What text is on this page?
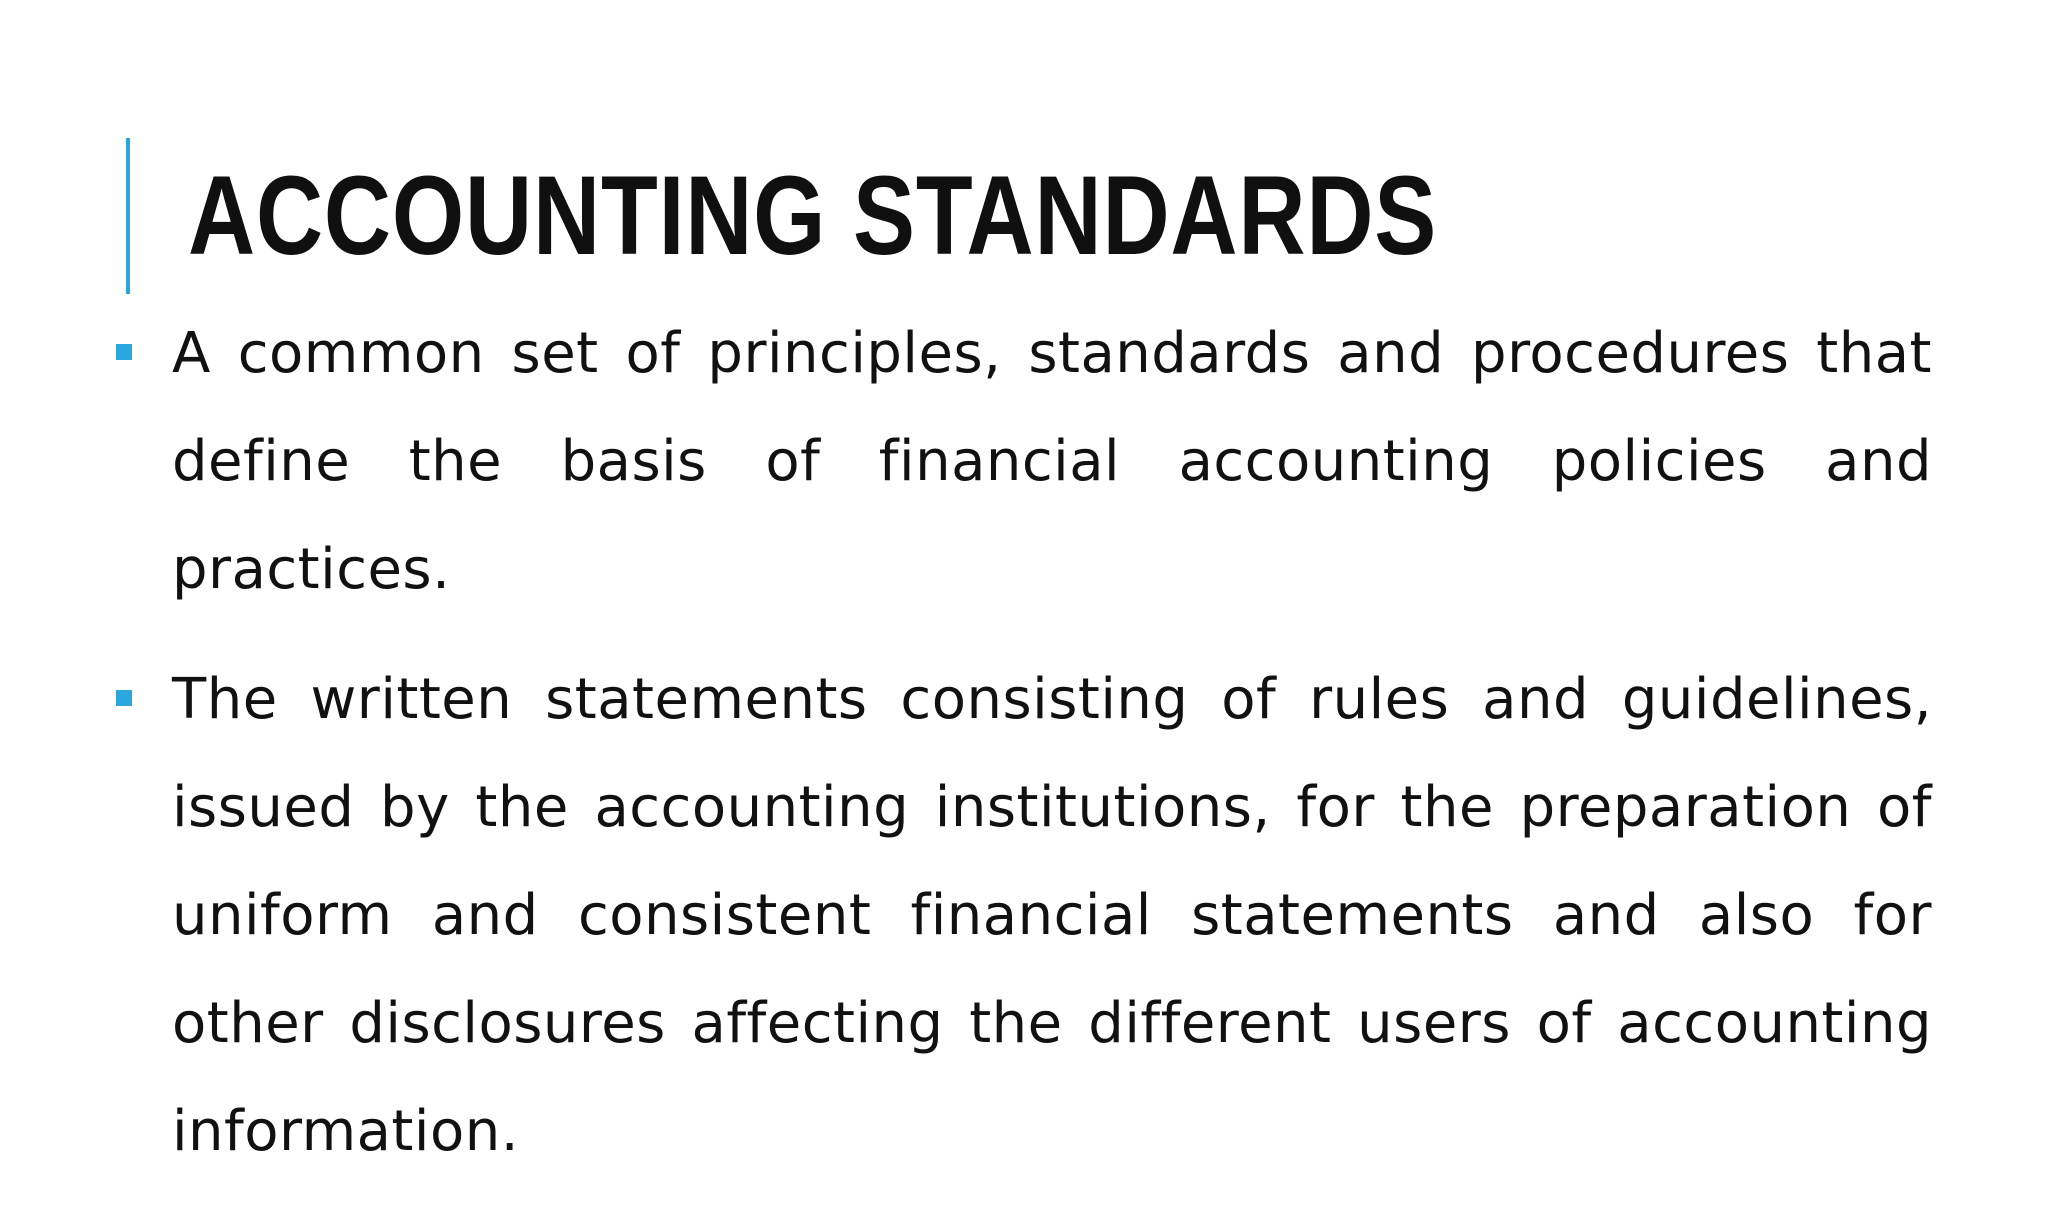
ACCOUNTING STANDARDS
A common set of principles, standards and procedures that define the basis of financial accounting policies and practices.
The written statements consisting of rules and guidelines, issued by the accounting institutions, for the preparation of uniform and consistent financial statements and also for other disclosures affecting the different users of accounting information.
